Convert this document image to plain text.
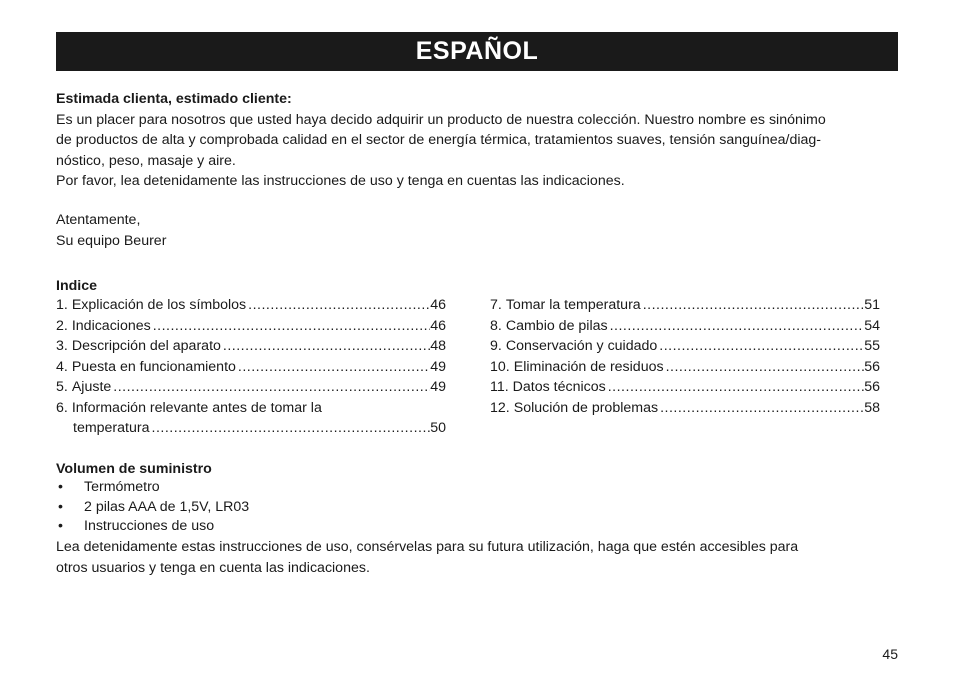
ESPAÑOL
Estimada clienta, estimado cliente:
Es un placer para nosotros que usted haya decido adquirir un producto de nuestra colección. Nuestro nombre es sinónimo
de productos de alta y comprobada calidad en el sector de energía térmica, tratamientos suaves, tensión sanguínea/diag-
nóstico, peso, masaje y aire.
Por favor, lea detenidamente las instrucciones de uso y tenga en cuentas las indicaciones.
Atentamente,
Su equipo Beurer
Indice
1. Explicación de los símbolos .....	46
2. Indicaciones .....	46
3. Descripción del aparato .....	48
4. Puesta en funcionamiento .....	49
5. Ajuste .....	49
6. Información relevante antes de tomar la
temperatura .....	50
7. Tomar la temperatura .....	51
8. Cambio de pilas .....	54
9. Conservación y cuidado .....	55
10. Eliminación de residuos .....	56
11. Datos técnicos .....	56
12. Solución de problemas .....	58
Volumen de suministro
•	Termómetro
•	2 pilas AAA de 1,5V, LR03
•	Instrucciones de uso
Lea detenidamente estas instrucciones de uso, consérvelas para su futura utilización, haga que estén accesibles para
otros usuarios y tenga en cuenta las indicaciones.
45
